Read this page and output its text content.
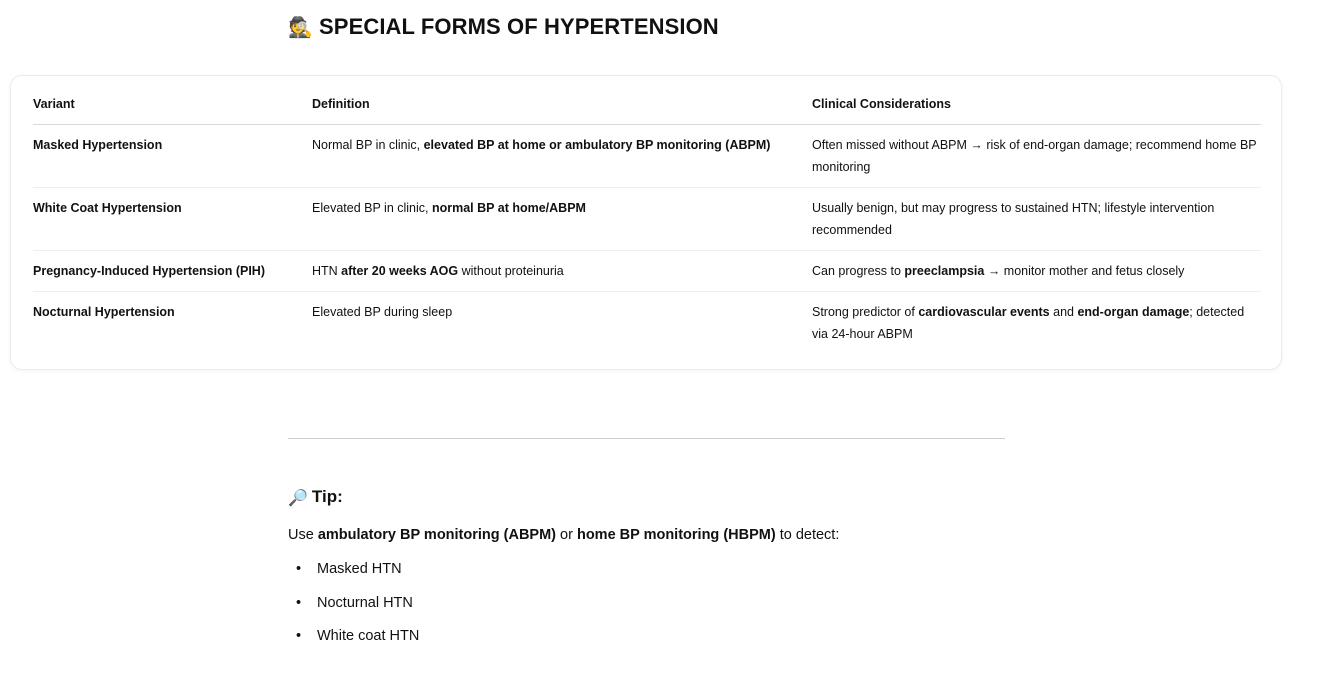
🕵️ SPECIAL FORMS OF HYPERTENSION
Variant	Definition	Clinical Considerations
Masked Hypertension	Normal BP in clinic, elevated BP at home or ambulatory BP monitoring (ABPM)	Often missed without ABPM → risk of end-organ damage; recommend home BP monitoring
White Coat Hypertension	Elevated BP in clinic, normal BP at home/ABPM	Usually benign, but may progress to sustained HTN; lifestyle intervention recommended
Pregnancy-Induced Hypertension (PIH)	HTN after 20 weeks AOG without proteinuria	Can progress to preeclampsia → monitor mother and fetus closely
Nocturnal Hypertension	Elevated BP during sleep	Strong predictor of cardiovascular events and end-organ damage; detected via 24-hour ABPM
🔎 Tip:

Use ambulatory BP monitoring (ABPM) or home BP monitoring (HBPM) to detect:

• Masked HTN
• Nocturnal HTN
• White coat HTN
